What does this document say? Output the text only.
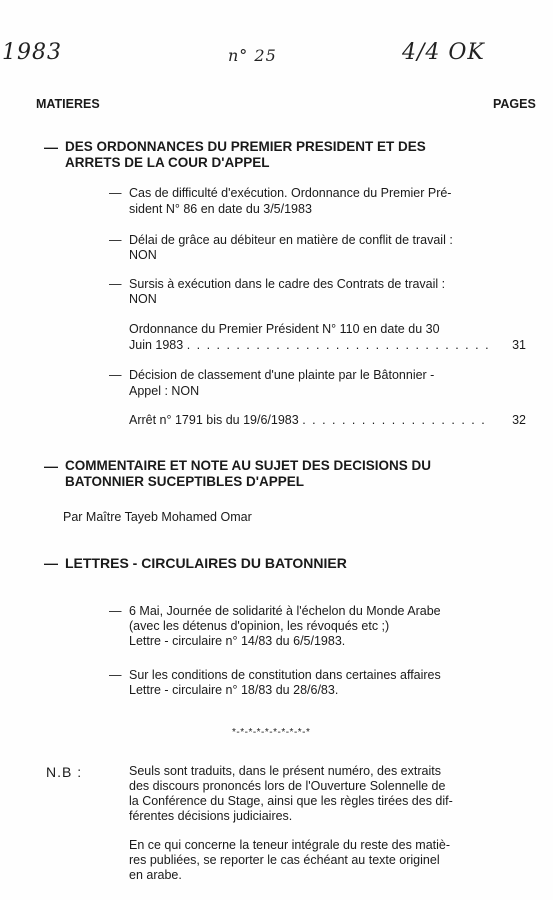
1983	n° 25	4/4 OK
MATIERES	PAGES
— DES ORDONNANCES DU PREMIER PRESIDENT ET DES
ARRETS DE LA COUR D'APPEL
— Cas de difficulté d'exécution. Ordonnance du Premier Pré-
sident N° 86 en date du 3/5/1983
— Délai de grâce au débiteur en matière de conflit de travail :
NON
— Sursis à exécution dans le cadre des Contrats de travail :
NON
Ordonnance du Premier Président N° 110 en date du 30
Juin 1983 . . . . . . . . . . . . . . . . . . . . . . . . . . . . . . .	31
— Décision de classement d'une plainte par le Bâtonnier -
Appel : NON
Arrêt n° 1791 bis du 19/6/1983 . . . . . . . . . . . . . . . . . . .	32
— COMMENTAIRE ET NOTE AU SUJET DES DECISIONS DU
BATONNIER SUCEPTIBLES D'APPEL
Par Maître Tayeb Mohamed Omar
— LETTRES - CIRCULAIRES DU BATONNIER
— 6 Mai, Journée de solidarité à l'échelon du Monde Arabe
(avec les détenus d'opinion, les révoqués etc ;)
Lettre - circulaire n° 14/83 du 6/5/1983.
— Sur les conditions de constitution dans certaines affaires
Lettre - circulaire n° 18/83 du 28/6/83.
*-*-*-*-*-*-*-*-*-*
N.B :	Seuls sont traduits, dans le présent numéro, des extraits
des discours prononcés lors de l'Ouverture Solennelle de
la Conférence du Stage, ainsi que les règles tirées des dif-
férentes décisions judiciaires.
En ce qui concerne la teneur intégrale du reste des matiè-
res publiées, se reporter le cas échéant au texte originel
en arabe.
